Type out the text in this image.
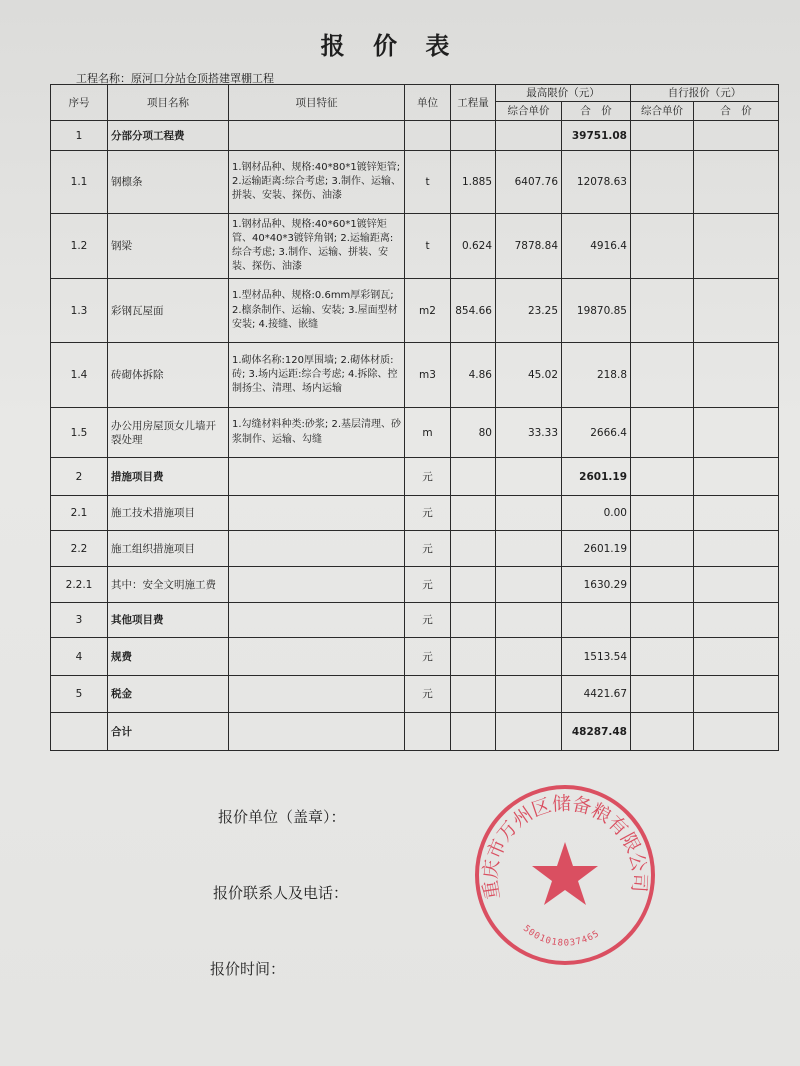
报 价 表
工程名称：原河口分站仓顶搭建罩棚工程
序号	项目名称	项目特征	单位	工程量	最高限价（元）		自行报价（元）	
					综合单价	合　价	综合单价	合　价
1	分部分项工程费					39751.08		
1.1	钢檩条	1.钢材品种、规格:40*80*1镀锌矩管; 2.运输距离:综合考虑; 3.制作、运输、拼装、安装、探伤、油漆	t	1.885	6407.76	12078.63		
1.2	钢梁	1.钢材品种、规格:40*60*1镀锌矩管、40*40*3镀锌角钢; 2.运输距离:综合考虑; 3.制作、运输、拼装、安装、探伤、油漆	t	0.624	7878.84	4916.4		
1.3	彩钢瓦屋面	1.型材品种、规格:0.6mm厚彩钢瓦; 2.檩条制作、运输、安装; 3.屋面型材安装; 4.接缝、嵌缝	m2	854.66	23.25	19870.85		
1.4	砖砌体拆除	1.砌体名称:120厚围墙; 2.砌体材质:砖; 3.场内运距:综合考虑; 4.拆除、控制扬尘、清理、场内运输	m3	4.86	45.02	218.8		
1.5	办公用房屋顶女儿墙开裂处理	1.勾缝材料种类:砂浆; 2.基层清理、砂浆制作、运输、勾缝	m	80	33.33	2666.4		
2	措施项目费		元			2601.19		
2.1	施工技术措施项目		元			0.00		
2.2	施工组织措施项目		元			2601.19		
2.2.1	其中：安全文明施工费		元			1630.29		
3	其他项目费		元					
4	规费		元			1513.54		
5	税金		元			4421.67		
	合计					48287.48		
报价单位（盖章）：
报价联系人及电话：
报价时间：
重庆市万州区储备粮有限公司
5001018037465
